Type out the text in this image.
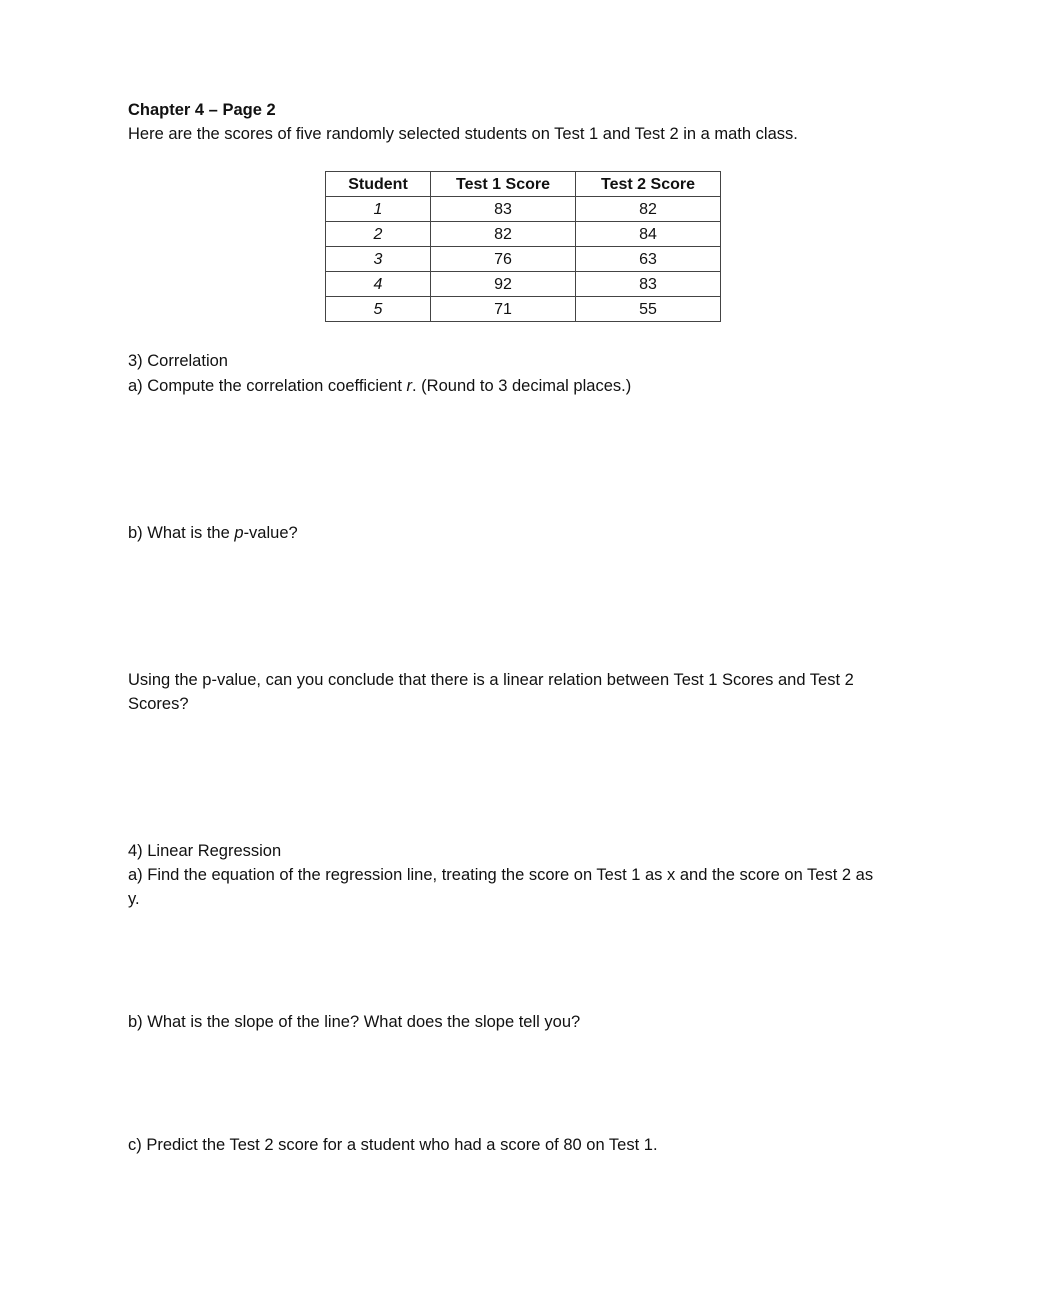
Chapter 4 – Page 2
Here are the scores of five randomly selected students on Test 1 and Test 2 in a math class.
Student	Test 1 Score	Test 2 Score
1	83	82
2	82	84
3	76	63
4	92	83
5	71	55
3) Correlation
a) Compute the correlation coefficient r. (Round to 3 decimal places.)
b) What is the p-value?
Using the p-value, can you conclude that there is a linear relation between Test 1 Scores and Test 2 Scores?
4) Linear Regression
a) Find the equation of the regression line, treating the score on Test 1 as x and the score on Test 2 as y.
b) What is the slope of the line? What does the slope tell you?
c) Predict the Test 2 score for a student who had a score of 80 on Test 1.
